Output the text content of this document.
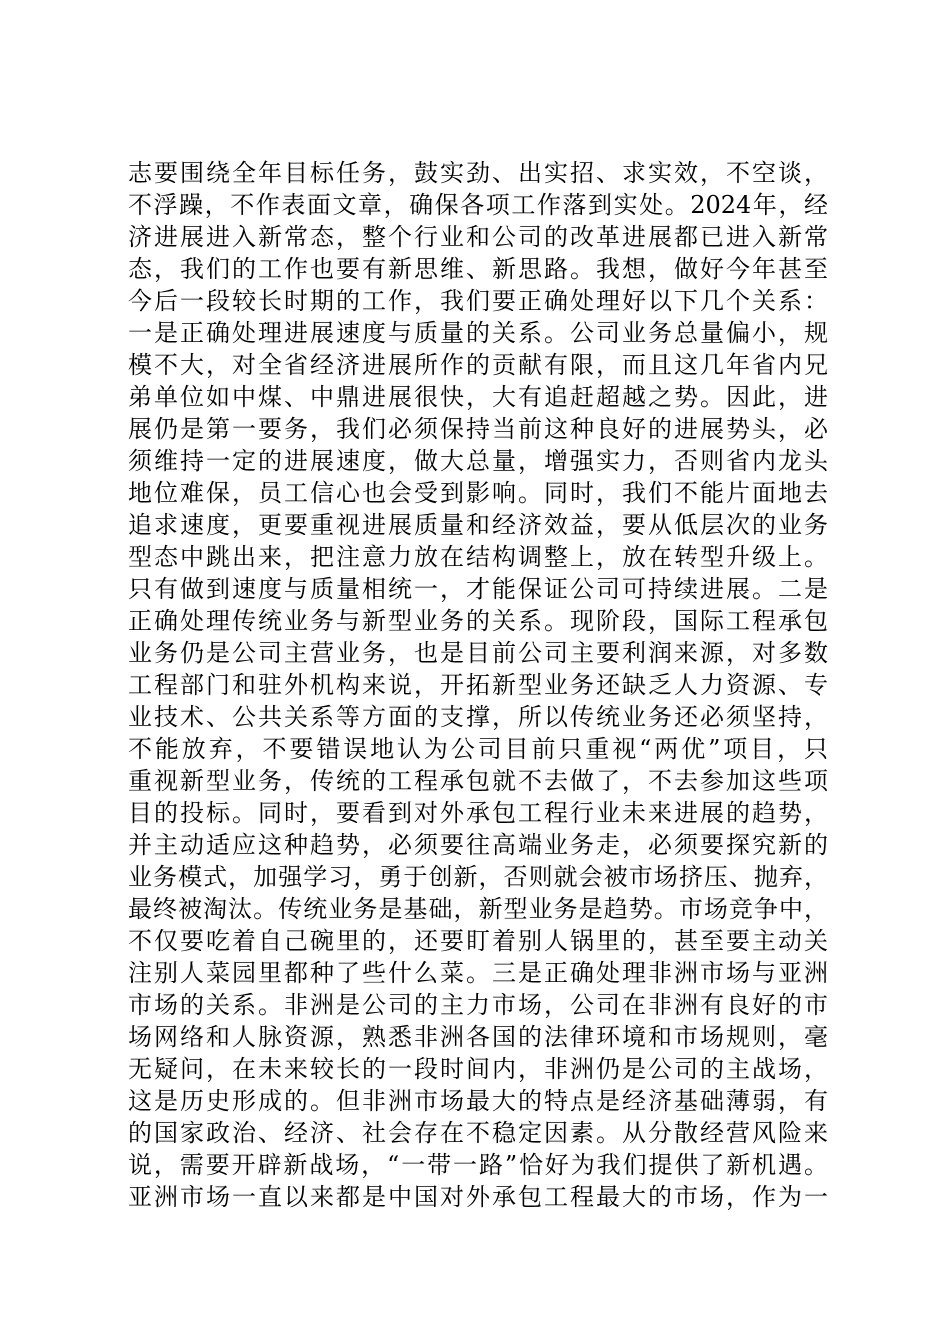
志要围绕全年目标任务，鼓实劲、出实招、求实效，不空谈，
不浮躁，不作表面文章，确保各项工作落到实处。2024年，经
济进展进入新常态，整个行业和公司的改革进展都已进入新常
态，我们的工作也要有新思维、新思路。我想，做好今年甚至
今后一段较长时期的工作，我们要正确处理好以下几个关系：
一是正确处理进展速度与质量的关系。公司业务总量偏小，规
模不大，对全省经济进展所作的贡献有限，而且这几年省内兄
弟单位如中煤、中鼎进展很快，大有追赶超越之势。因此，进
展仍是第一要务，我们必须保持当前这种良好的进展势头，必
须维持一定的进展速度，做大总量，增强实力，否则省内龙头
地位难保，员工信心也会受到影响。同时，我们不能片面地去
追求速度，更要重视进展质量和经济效益，要从低层次的业务
型态中跳出来，把注意力放在结构调整上，放在转型升级上。
只有做到速度与质量相统一，才能保证公司可持续进展。二是
正确处理传统业务与新型业务的关系。现阶段，国际工程承包
业务仍是公司主营业务，也是目前公司主要利润来源，对多数
工程部门和驻外机构来说，开拓新型业务还缺乏人力资源、专
业技术、公共关系等方面的支撑，所以传统业务还必须坚持，
不能放弃，不要错误地认为公司目前只重视“两优”项目，只
重视新型业务，传统的工程承包就不去做了，不去参加这些项
目的投标。同时，要看到对外承包工程行业未来进展的趋势，
并主动适应这种趋势，必须要往高端业务走，必须要探究新的
业务模式，加强学习，勇于创新，否则就会被市场挤压、抛弃，
最终被淘汰。传统业务是基础，新型业务是趋势。市场竞争中，
不仅要吃着自己碗里的，还要盯着别人锅里的，甚至要主动关
注别人菜园里都种了些什么菜。三是正确处理非洲市场与亚洲
市场的关系。非洲是公司的主力市场，公司在非洲有良好的市
场网络和人脉资源，熟悉非洲各国的法律环境和市场规则，毫
无疑问，在未来较长的一段时间内，非洲仍是公司的主战场，
这是历史形成的。但非洲市场最大的特点是经济基础薄弱，有
的国家政治、经济、社会存在不稳定因素。从分散经营风险来
说，需要开辟新战场，“一带一路”恰好为我们提供了新机遇。
亚洲市场一直以来都是中国对外承包工程最大的市场，作为一
